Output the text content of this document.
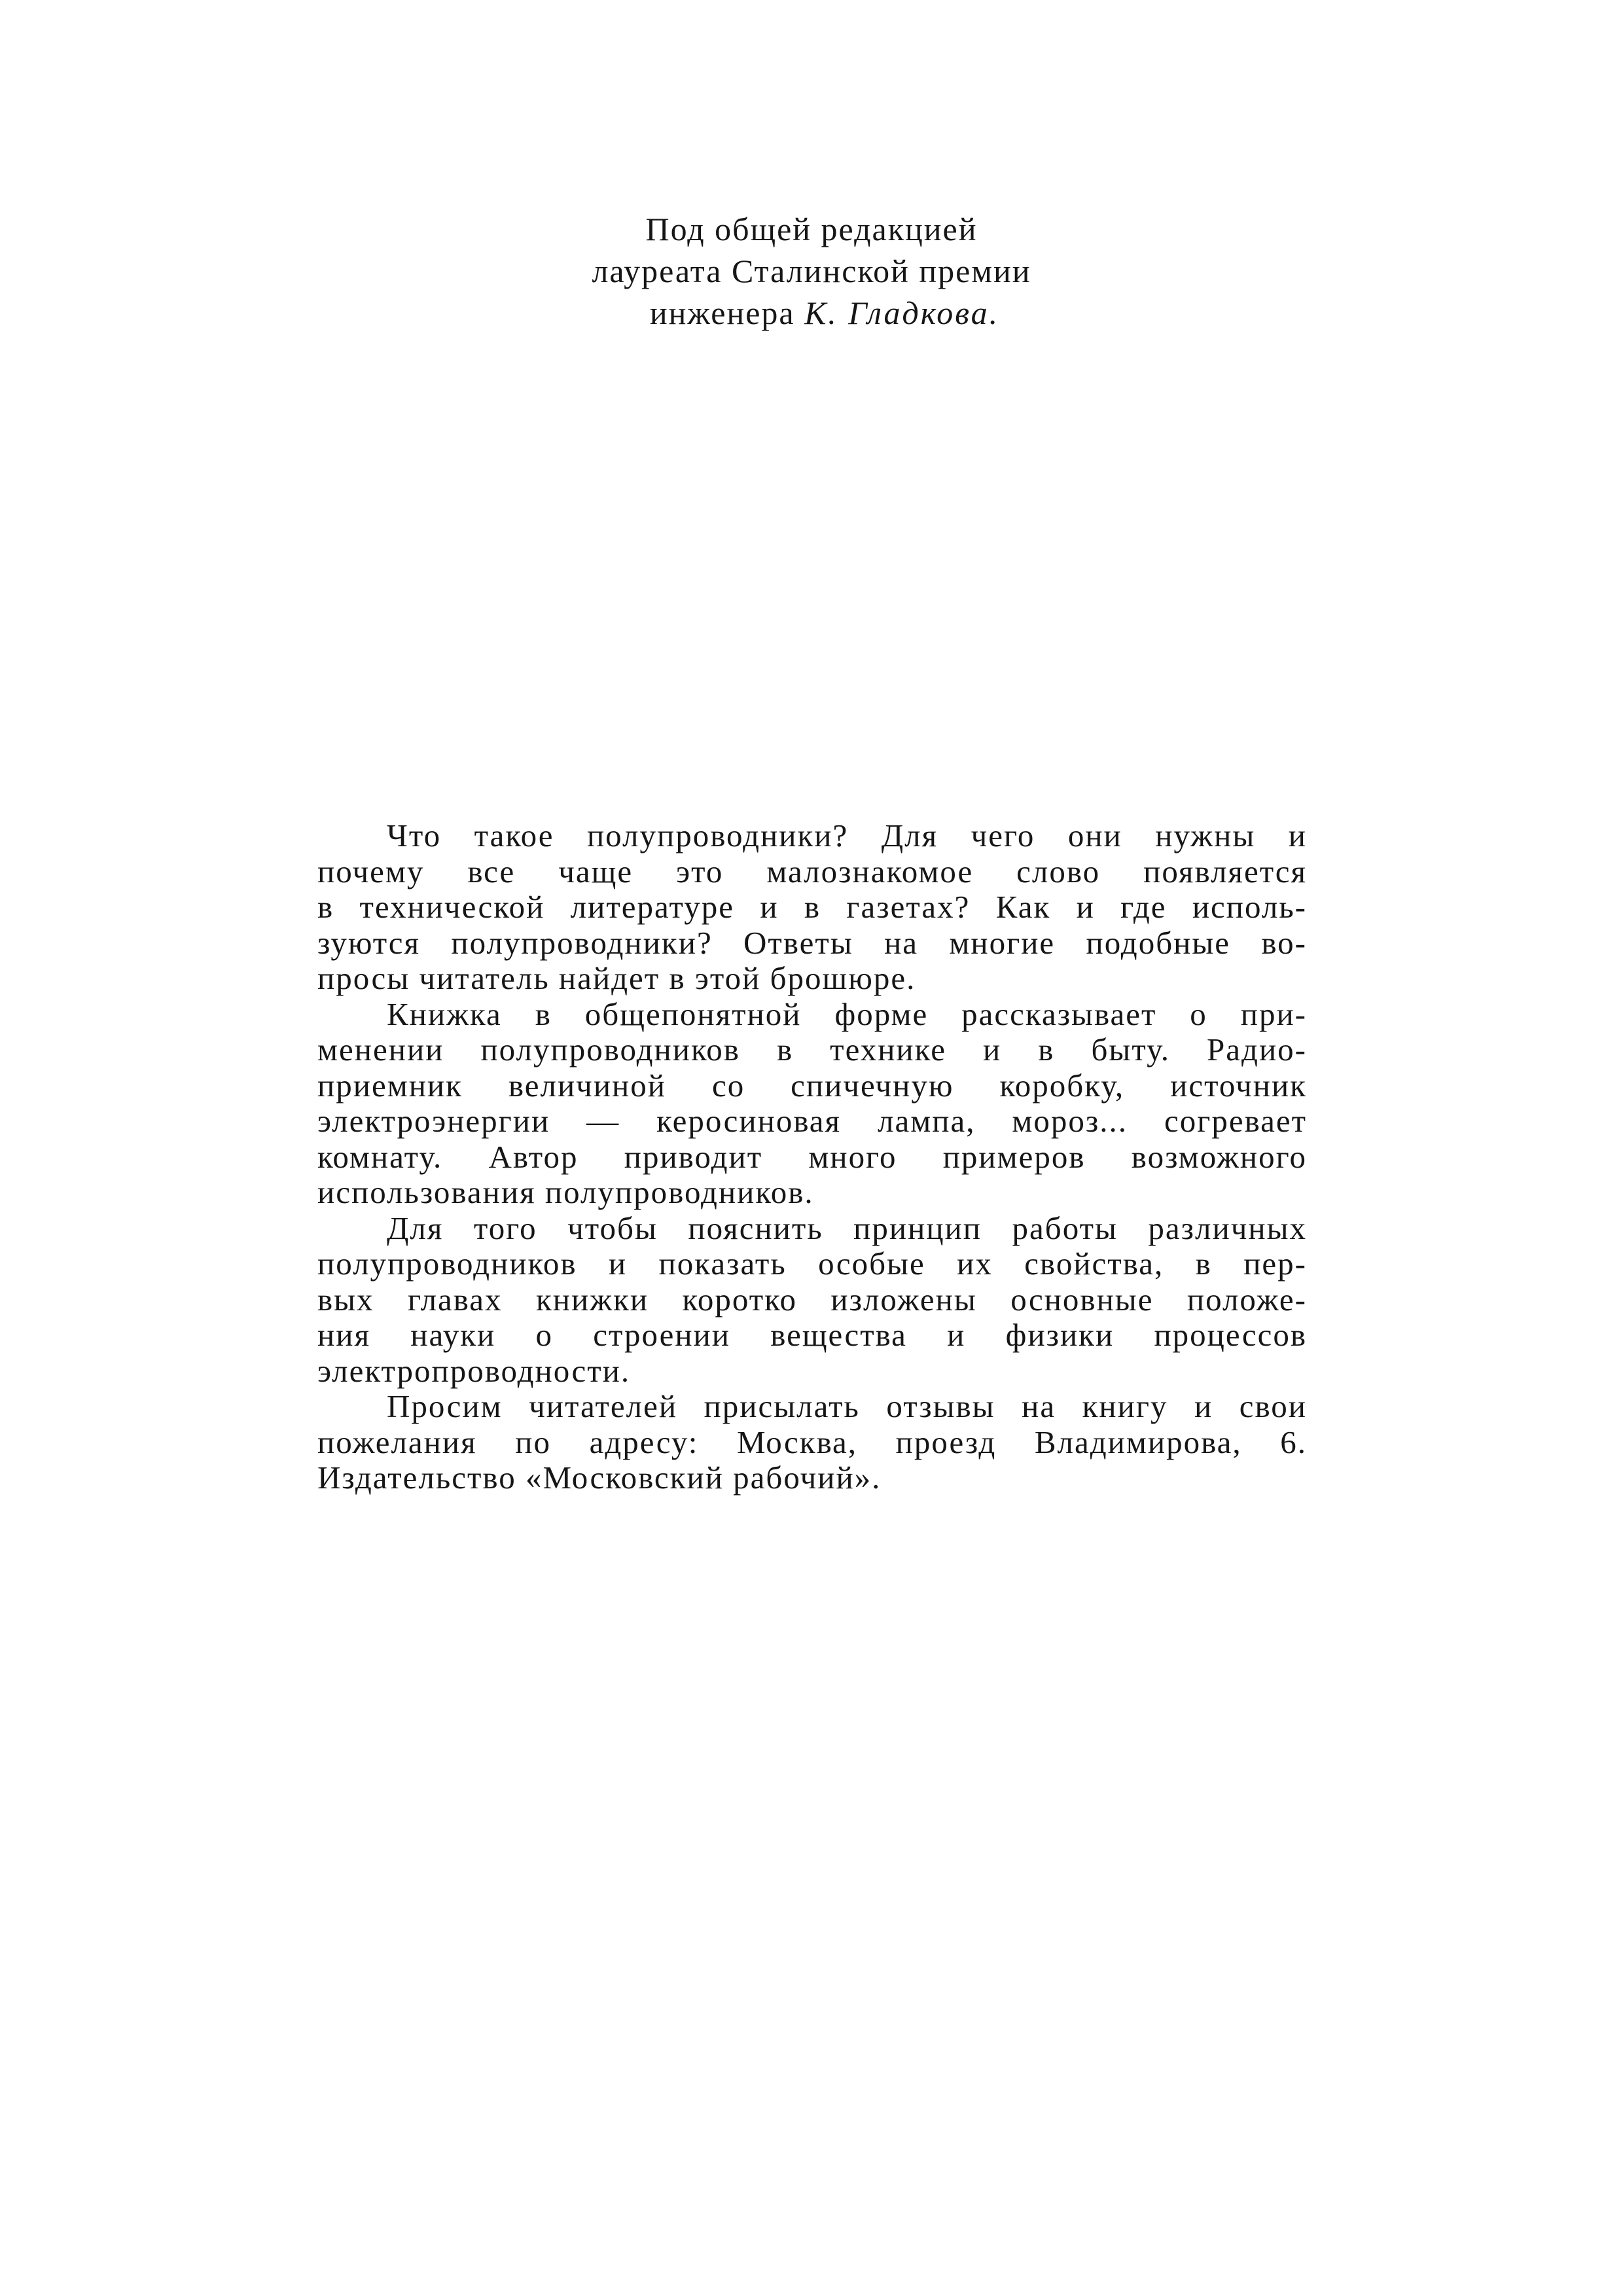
Под общей редакцией
лауреата Сталинской премии
инженера К. Гладкова.
Что такое полупроводники? Для чего они нужны и
почему все чаще это малознакомое слово появляется
в технической литературе и в газетах? Как и где исполь-
зуются полупроводники? Ответы на многие подобные во-
просы читатель найдет в этой брошюре.
Книжка в общепонятной форме рассказывает о при-
менении полупроводников в технике и в быту. Радио-
приемник величиной со спичечную коробку, источник
электроэнергии — керосиновая лампа, мороз... согревает
комнату. Автор приводит много примеров возможного
использования полупроводников.
Для того чтобы пояснить принцип работы различных
полупроводников и показать особые их свойства, в пер-
вых главах книжки коротко изложены основные положе-
ния науки о строении вещества и физики процессов
электропроводности.
Просим читателей присылать отзывы на книгу и свои
пожелания по адресу: Москва, проезд Владимирова, 6.
Издательство «Московский рабочий».
